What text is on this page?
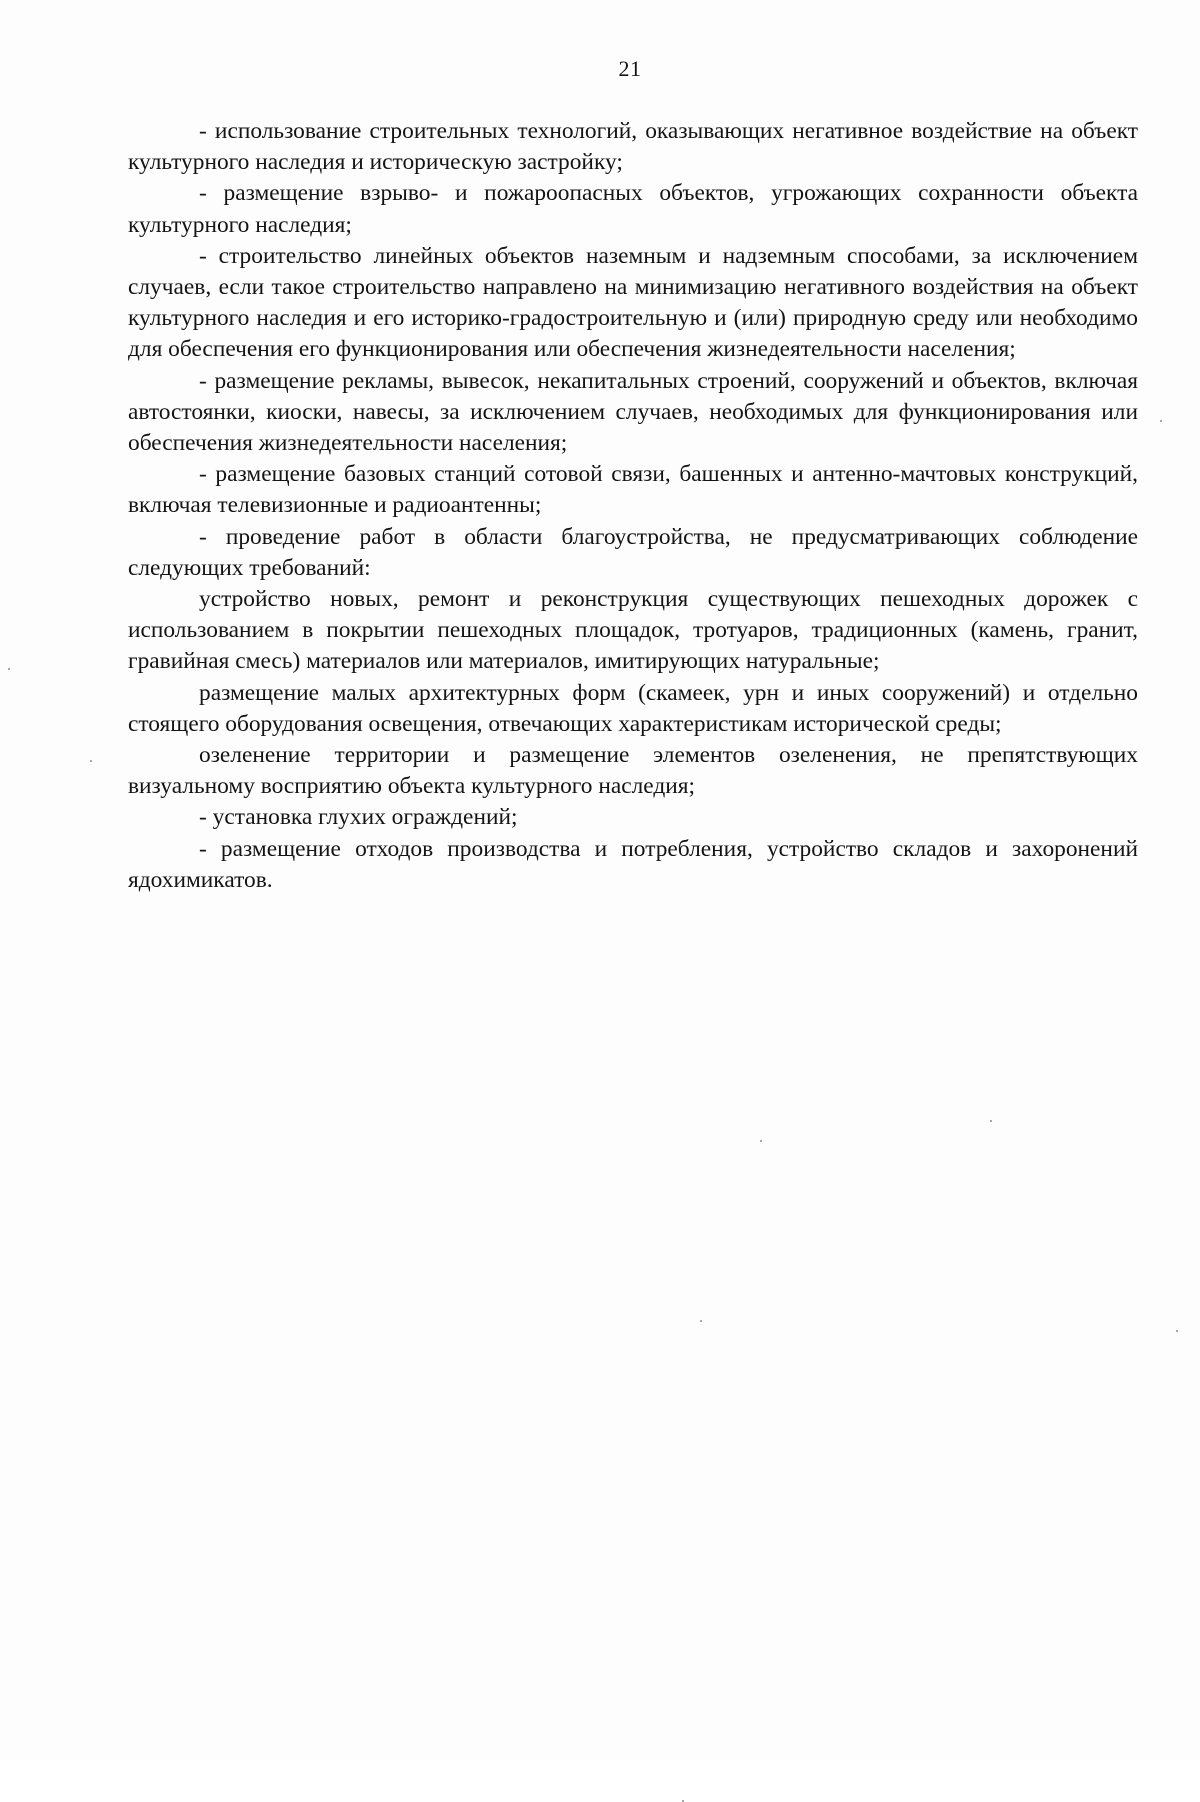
21

- использование строительных технологий, оказывающих негативное воздействие на объект культурного наследия и историческую застройку;

- размещение взрыво- и пожароопасных объектов, угрожающих сохранности объекта культурного наследия;

- строительство линейных объектов наземным и надземным способами, за исключением случаев, если такое строительство направлено на минимизацию негативного воздействия на объект культурного наследия и его историко-градостроительную и (или) природную среду или необходимо для обеспечения его функционирования или обеспечения жизнедеятельности населения;

- размещение рекламы, вывесок, некапитальных строений, сооружений и объектов, включая автостоянки, киоски, навесы, за исключением случаев, необходимых для функционирования или обеспечения жизнедеятельности населения;

- размещение базовых станций сотовой связи, башенных и антенно-мачтовых конструкций, включая телевизионные и радиоантенны;

- проведение работ в области благоустройства, не предусматривающих соблюдение следующих требований:

устройство новых, ремонт и реконструкция существующих пешеходных дорожек с использованием в покрытии пешеходных площадок, тротуаров, традиционных (камень, гранит, гравийная смесь) материалов или материалов, имитирующих натуральные;

размещение малых архитектурных форм (скамеек, урн и иных сооружений) и отдельно стоящего оборудования освещения, отвечающих характеристикам исторической среды;

озеленение территории и размещение элементов озеленения, не препятствующих визуальному восприятию объекта культурного наследия;

- установка глухих ограждений;

- размещение отходов производства и потребления, устройство складов и захоронений ядохимикатов.
